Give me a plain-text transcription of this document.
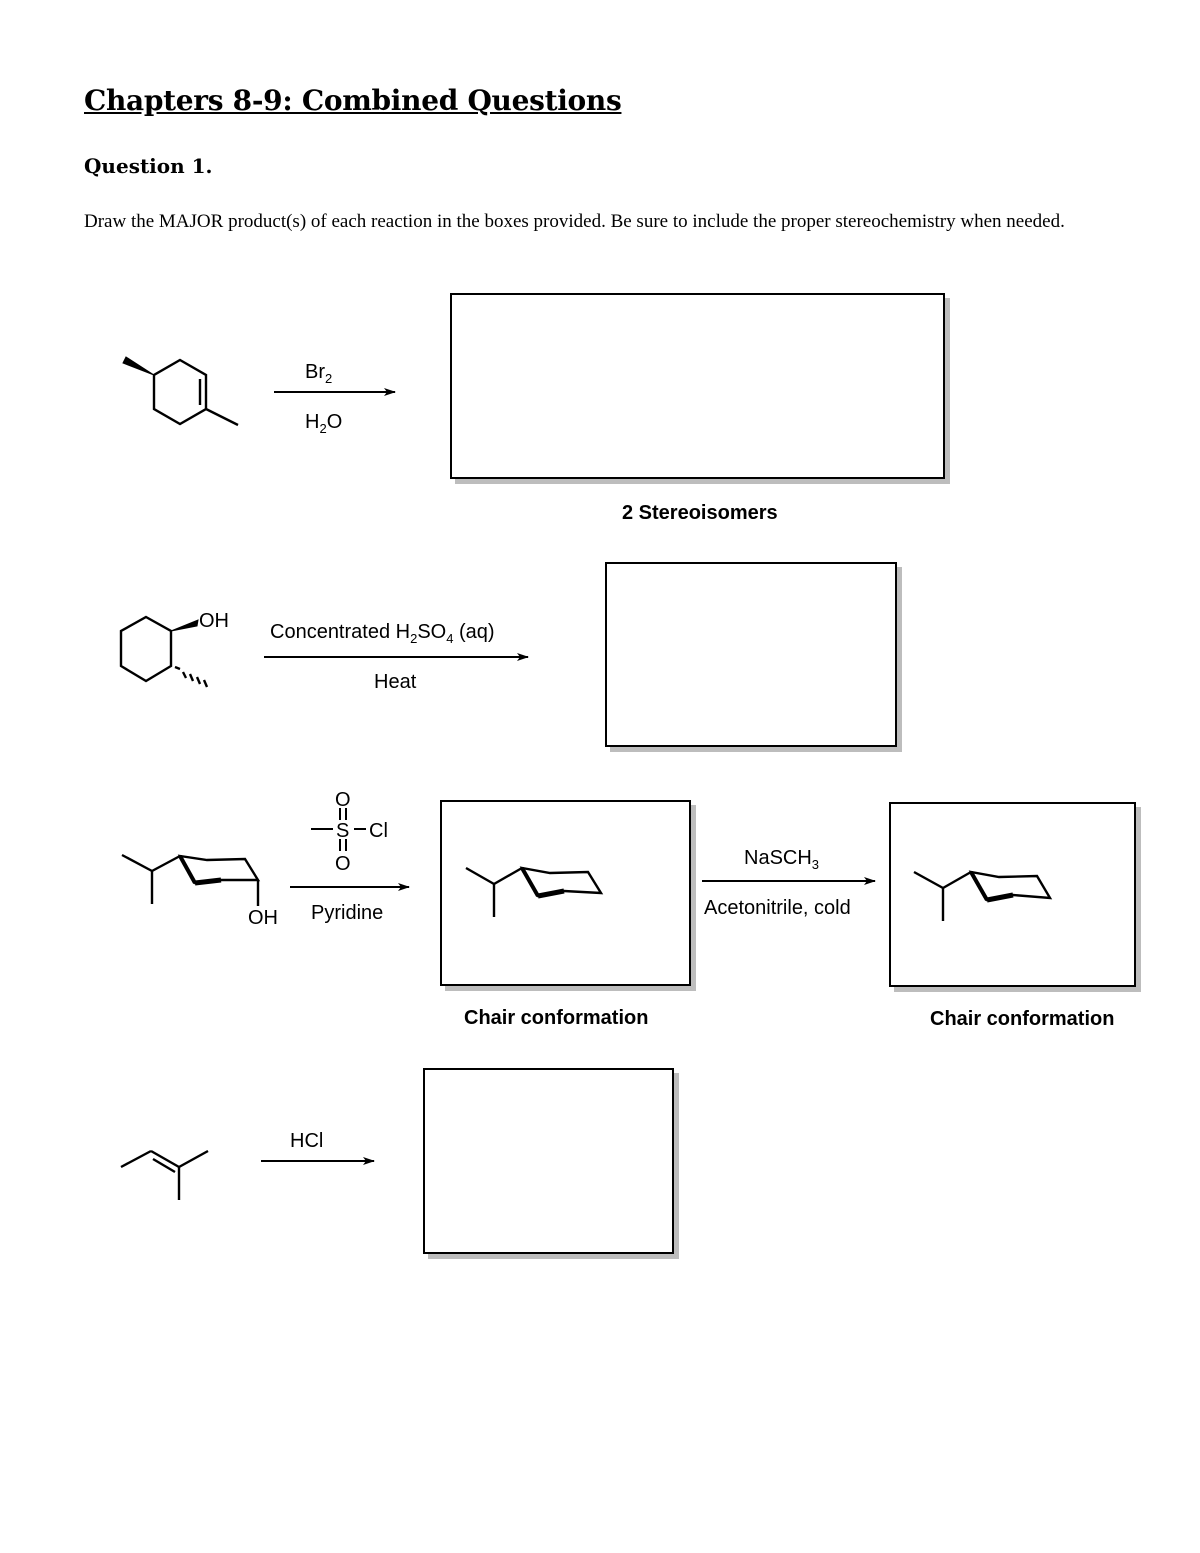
Chapters 8-9: Combined Questions
Question 1.
Draw the MAJOR product(s) of each reaction in the boxes provided. Be sure to include the proper stereochemistry when needed.
2 Stereoisomers
Chair conformation	Chair conformation
$Br_2$
$H_2O$
Concentrated $H_2SO_4$ (aq)
Heat
Pyridine
NaSCH$_3$
Acetonitrile, cold
HCl
OH
OH
O
S Cl
O
